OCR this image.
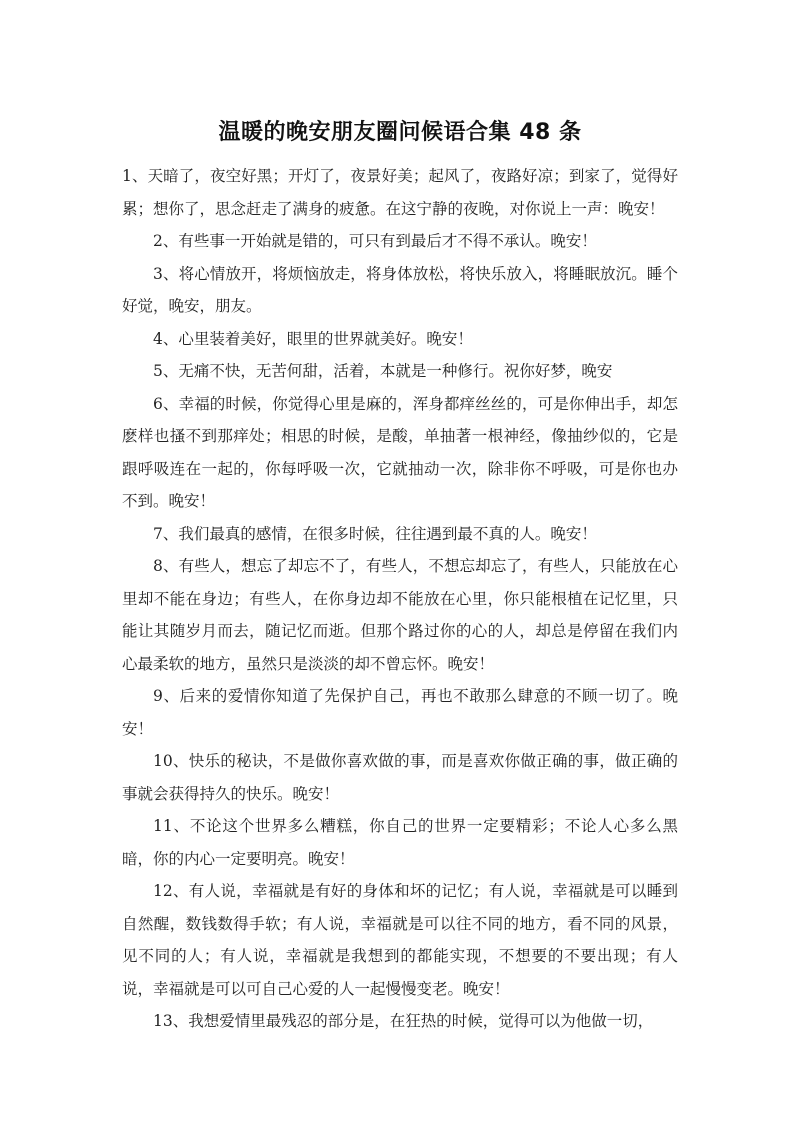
温暖的晚安朋友圈问候语合集 48 条

1、天暗了，夜空好黑；开灯了，夜景好美；起风了，夜路好凉；到家了，觉得好累；想你了，思念赶走了满身的疲惫。在这宁静的夜晚，对你说上一声：晚安！

2、有些事一开始就是错的，可只有到最后才不得不承认。晚安！

3、将心情放开，将烦恼放走，将身体放松，将快乐放入，将睡眠放沉。睡个好觉，晚安，朋友。

4、心里装着美好，眼里的世界就美好。晚安！

5、无痛不快，无苦何甜，活着，本就是一种修行。祝你好梦，晚安

6、幸福的时候，你觉得心里是麻的，浑身都痒丝丝的，可是你伸出手，却怎麽样也搔不到那痒处；相思的时候，是酸，单抽著一根神经，像抽纱似的，它是跟呼吸连在一起的，你每呼吸一次，它就抽动一次，除非你不呼吸，可是你也办不到。晚安！

7、我们最真的感情，在很多时候，往往遇到最不真的人。晚安！

8、有些人，想忘了却忘不了，有些人，不想忘却忘了，有些人，只能放在心里却不能在身边；有些人，在你身边却不能放在心里，你只能根植在记忆里，只能让其随岁月而去，随记忆而逝。但那个路过你的心的人，却总是停留在我们内心最柔软的地方，虽然只是淡淡的却不曾忘怀。晚安！

9、后来的爱情你知道了先保护自己，再也不敢那么肆意的不顾一切了。晚安！

10、快乐的秘诀，不是做你喜欢做的事，而是喜欢你做正确的事，做正确的事就会获得持久的快乐。晚安！

11、不论这个世界多么糟糕，你自己的世界一定要精彩；不论人心多么黑暗，你的内心一定要明亮。晚安！

12、有人说，幸福就是有好的身体和坏的记忆；有人说，幸福就是可以睡到自然醒，数钱数得手软；有人说，幸福就是可以往不同的地方，看不同的风景，见不同的人；有人说，幸福就是我想到的都能实现，不想要的不要出现；有人说，幸福就是可以可自己心爱的人一起慢慢变老。晚安！

13、我想爱情里最残忍的部分是，在狂热的时候，觉得可以为他做一切，
